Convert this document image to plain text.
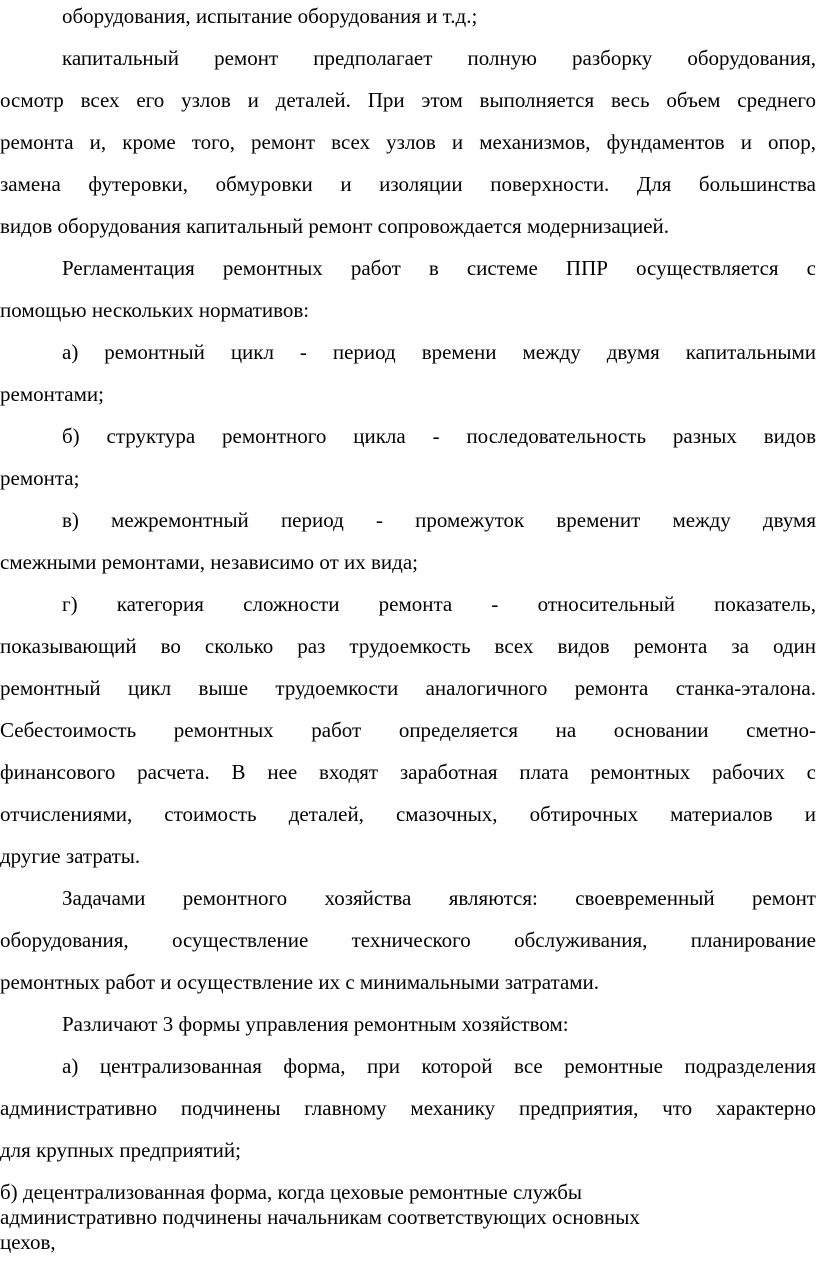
оборудования, испытание оборудования и т.д.;
капитальный ремонт предполагает полную разборку оборудования,
осмотр всех его узлов и деталей. При этом выполняется весь объем среднего
ремонта и, кроме того, ремонт всех узлов и механизмов, фундаментов и опор,
замена футеровки, обмуровки и изоляции поверхности. Для большинства
видов оборудования капитальный ремонт сопровождается модернизацией.
Регламентация ремонтных работ в системе ППР осуществляется с
помощью нескольких нормативов:
а) ремонтный цикл - период времени между двумя капитальными
ремонтами;
б) структура ремонтного цикла - последовательность разных видов
ремонта;
в) межремонтный период - промежуток временит между двумя
смежными ремонтами, независимо от их вида;
г) категория сложности ремонта - относительный показатель,
показывающий во сколько раз трудоемкость всех видов ремонта за один
ремонтный цикл выше трудоемкости аналогичного ремонта станка-эталона.
Себестоимость ремонтных работ определяется на основании сметно-
финансового расчета. В нее входят заработная плата ремонтных рабочих с
отчислениями, стоимость деталей, смазочных, обтирочных материалов и
другие затраты.
Задачами ремонтного хозяйства являются: своевременный ремонт
оборудования, осуществление технического обслуживания, планирование
ремонтных работ и осуществление их с минимальными затратами.
Различают 3 формы управления ремонтным хозяйством:
а) централизованная форма, при которой все ремонтные подразделения
административно подчинены главному механику предприятия, что характерно
для крупных предприятий;
б) децентрализованная форма, когда цеховые ремонтные службы
административно подчинены начальникам соответствующих основных
цехов,
